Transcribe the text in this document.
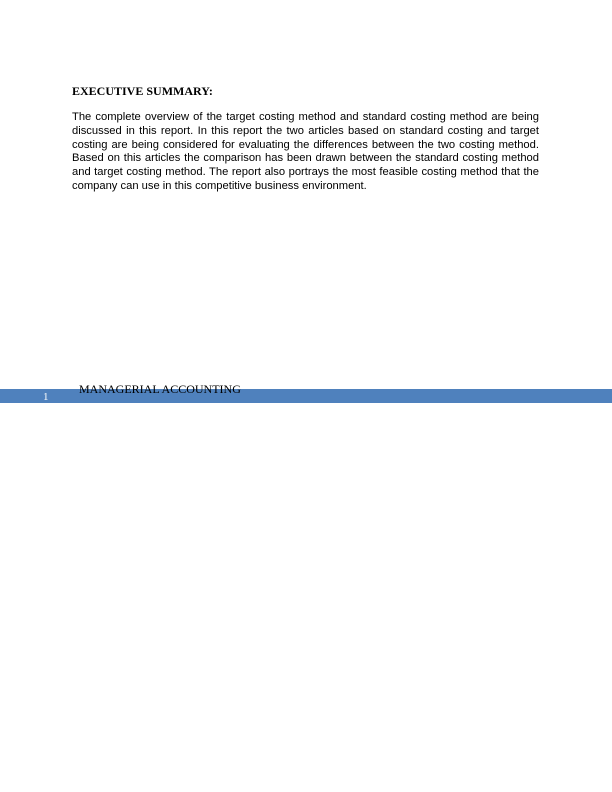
EXECUTIVE SUMMARY:

The complete overview of the target costing method and standard costing method are being discussed in this report. In this report the two articles based on standard costing and target costing are being considered for evaluating the differences between the two costing method. Based on this articles the comparison has been drawn between the standard costing method and target costing method. The report also portrays the most feasible costing method that the company can use in this competitive business environment.

MANAGERIAL ACCOUNTING
1
